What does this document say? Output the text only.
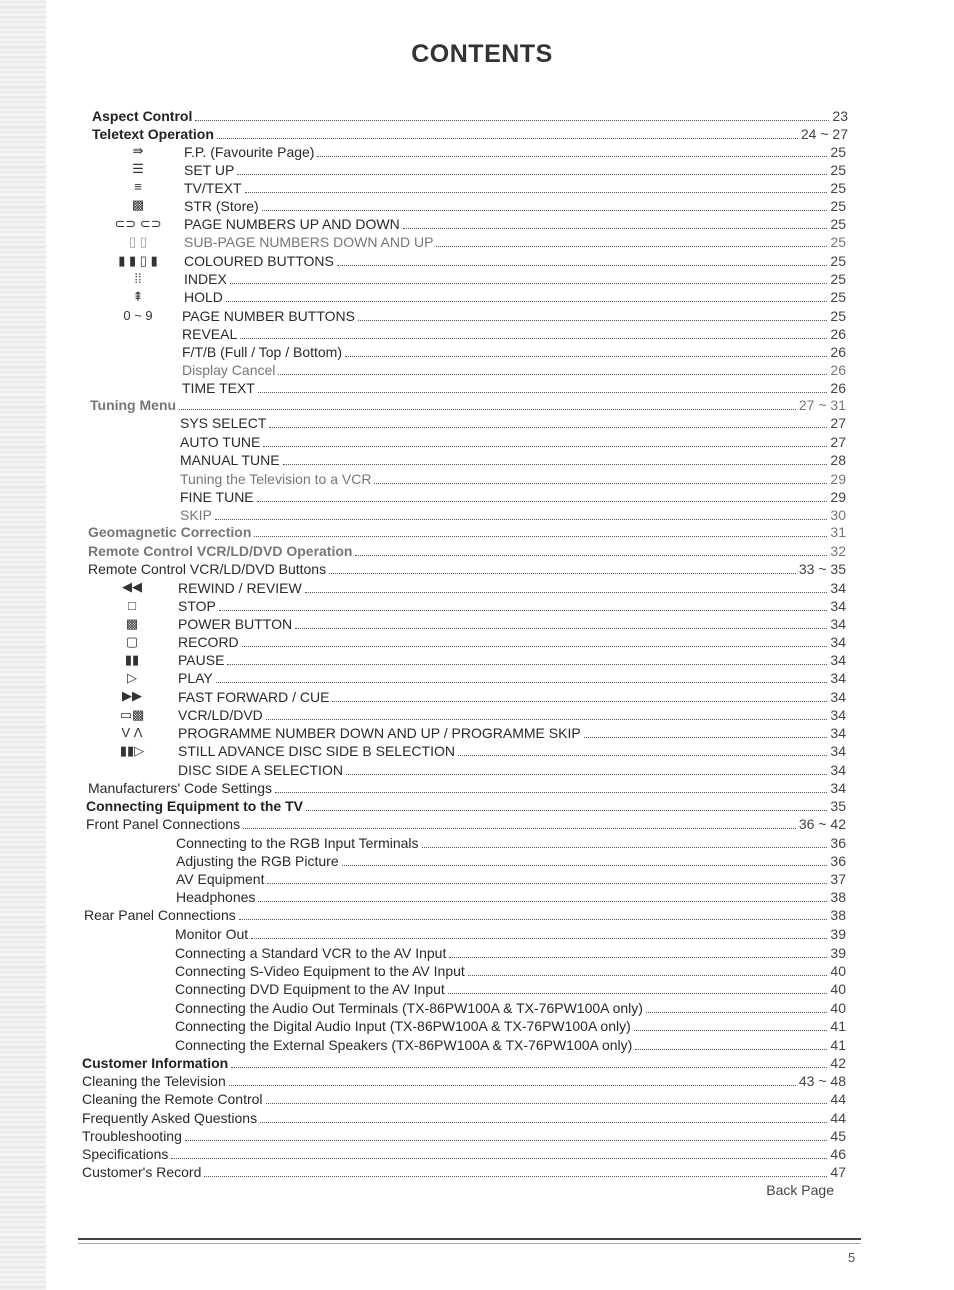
CONTENTS
Aspect Control	23
Teletext Operation	24 ~ 27
⇛	F.P. (Favourite Page)	25
☰	SET UP	25
≡	TV/TEXT	25
▩	STR (Store)	25
⊂⊃ ⊂⊃	PAGE NUMBERS UP AND DOWN	25
▯ ▯	SUB-PAGE NUMBERS DOWN AND UP	25
▮ ▮ ▯ ▮	COLOURED BUTTONS	25
⁞⁞	INDEX	25
⇞	HOLD	25
0 ~ 9	PAGE NUMBER BUTTONS	25
REVEAL	26
F/T/B (Full / Top / Bottom)	26
Display Cancel	26
TIME TEXT	26
Tuning Menu	27 ~ 31
SYS SELECT	27
AUTO TUNE	27
MANUAL TUNE	28
Tuning the Television to a VCR	29
FINE TUNE	29
SKIP	30
Geomagnetic Correction	31
Remote Control VCR/LD/DVD Operation	32
Remote Control VCR/LD/DVD Buttons	33 ~ 35
◀◀	REWIND / REVIEW	34
□	STOP	34
▩	POWER BUTTON	34
▢	RECORD	34
▮▮	PAUSE	34
▷	PLAY	34
▶▶	FAST FORWARD / CUE	34
▭▩	VCR/LD/DVD	34
V Λ	PROGRAMME NUMBER DOWN AND UP / PROGRAMME SKIP	34
▮▮▷	STILL ADVANCE DISC SIDE B SELECTION	34
DISC SIDE A SELECTION	34
Manufacturers' Code Settings	34
Connecting Equipment to the TV	35
Front Panel Connections	36 ~ 42
Connecting to the RGB Input Terminals	36
Adjusting the RGB Picture	36
AV Equipment	37
Headphones	38
Rear Panel Connections	38
Monitor Out	39
Connecting a Standard VCR to the AV Input	39
Connecting S-Video Equipment to the AV Input	40
Connecting DVD Equipment to the AV Input	40
Connecting the Audio Out Terminals (TX-86PW100A & TX-76PW100A only)	40
Connecting the Digital Audio Input (TX-86PW100A & TX-76PW100A only)	41
Connecting the External Speakers (TX-86PW100A & TX-76PW100A only)	41
Customer Information	42
Cleaning the Television	43 ~ 48
Cleaning the Remote Control	44
Frequently Asked Questions	44
Troubleshooting	45
Specifications	46
Customer's Record	47
Back Page
5
